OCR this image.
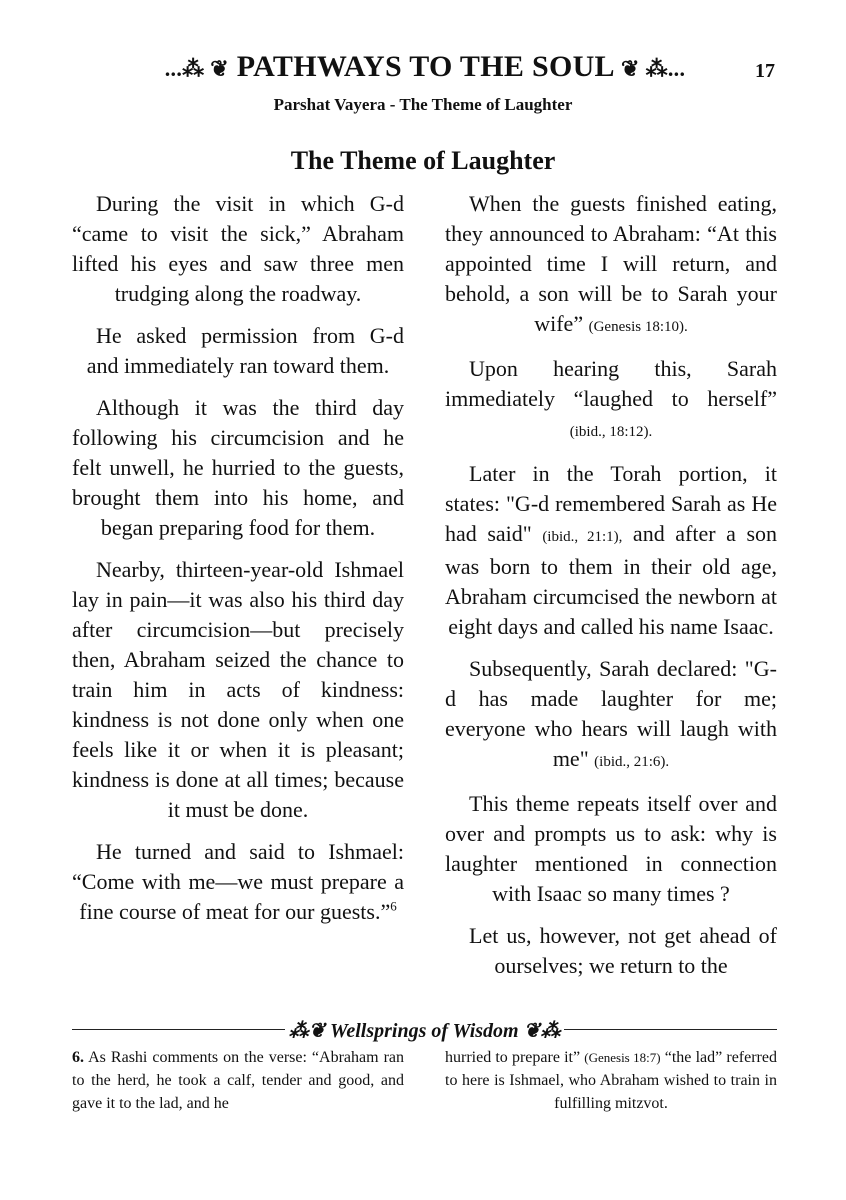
...⁂ ❦ PATHWAYS TO THE SOUL ❦ ⁂...	17
Parshat Vayera - The Theme of Laughter
The Theme of Laughter

During the visit in which G-d “came to visit the sick,” Abraham lifted his eyes and saw three men trudging along the roadway.

He asked permission from G-d and immediately ran toward them.

Although it was the third day following his circumcision and he felt unwell, he hurried to the guests, brought them into his home, and began preparing food for them.

Nearby, thirteen-year-old Ishmael lay in pain—it was also his third day after circumcision—but precisely then, Abraham seized the chance to train him in acts of kindness: kindness is not done only when one feels like it or when it is pleasant; kindness is done at all times; because it must be done.

He turned and said to Ishmael: “Come with me—we must prepare a fine course of meat for our guests.”$^6$

When the guests finished eating, they announced to Abraham: “At this appointed time I will return, and behold, a son will be to Sarah your wife” (Genesis 18:10).

Upon hearing this, Sarah immediately “laughed to herself” (ibid., 18:12).

Later in the Torah portion, it states: "G-d remembered Sarah as He had said" (ibid., 21:1), and after a son was born to them in their old age, Abraham circumcised the newborn at eight days and called his name Isaac.

Subsequently, Sarah declared: "G-d has made laughter for me; everyone who hears will laugh with me" (ibid., 21:6).

This theme repeats itself over and over and prompts us to ask: why is laughter mentioned in connection with Isaac so many times ?

Let us, however, not get ahead of ourselves; we return to the

⁂❦ Wellsprings of Wisdom ❦⁂
6. As Rashi comments on the verse: “Abraham ran to the herd, he took a calf, tender and good, and gave it to the lad, and he
hurried to prepare it” (Genesis 18:7) “the lad” referred to here is Ishmael, who Abraham wished to train in fulfilling mitzvot.
